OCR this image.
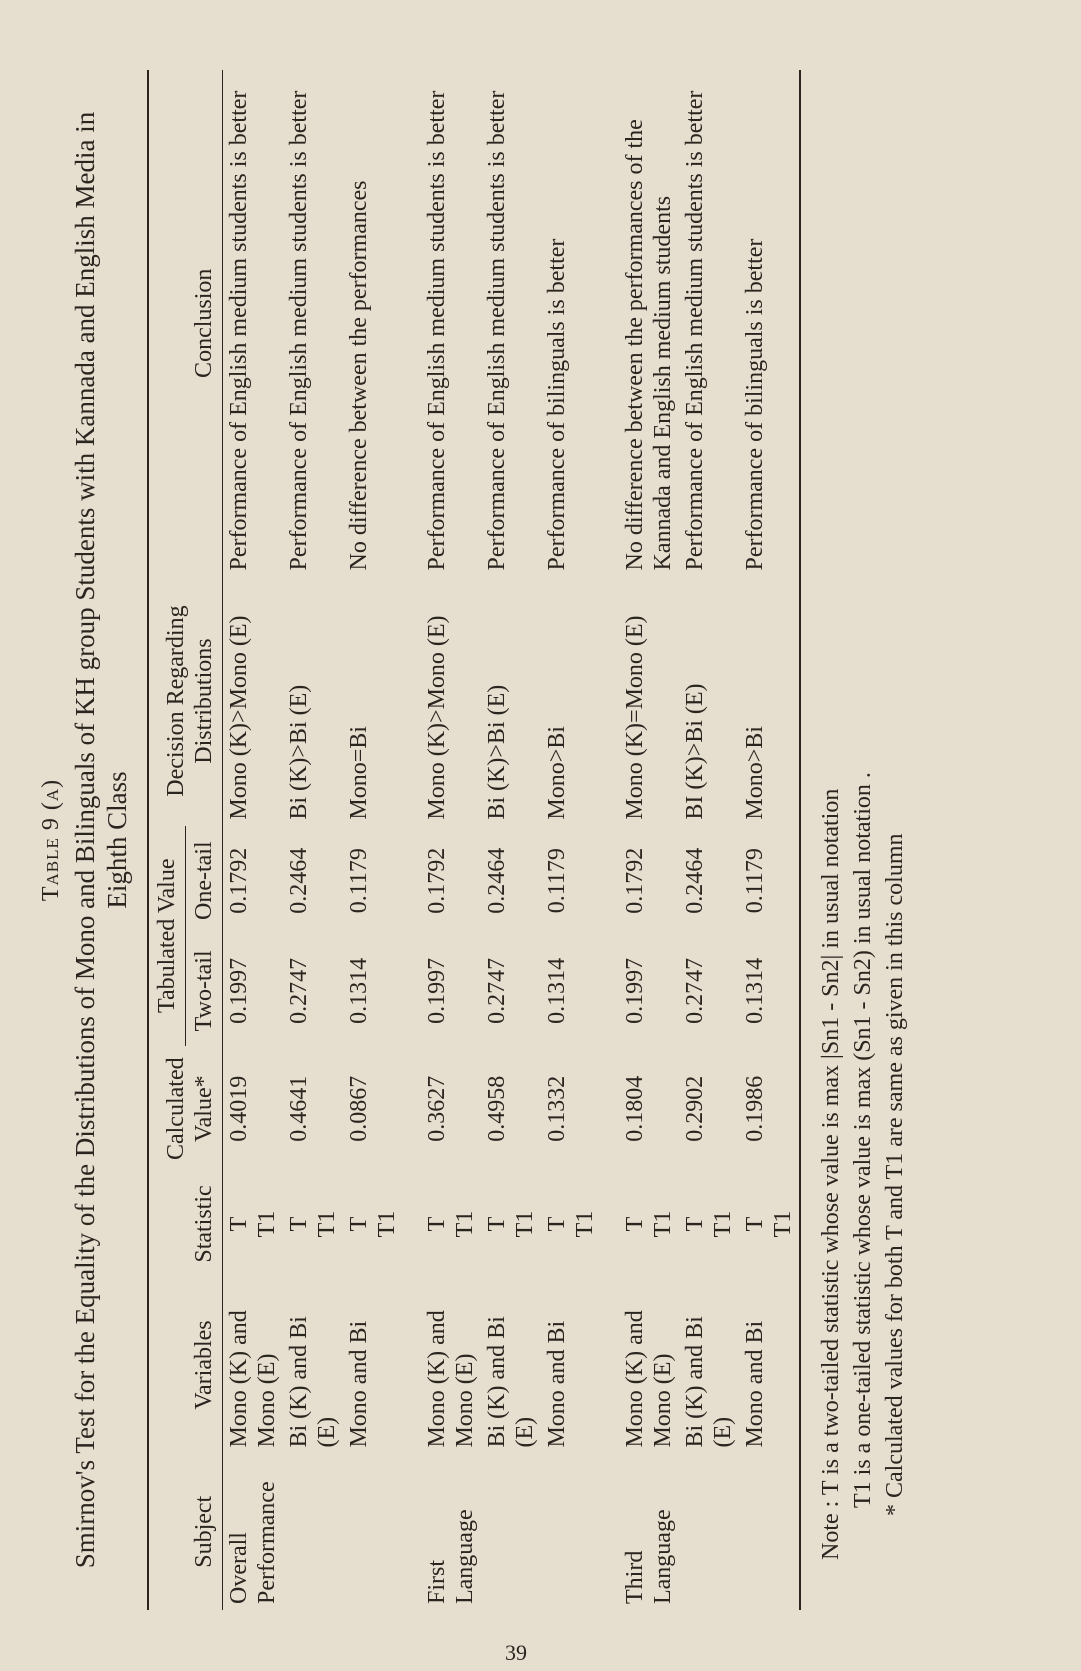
Table 9 (a) Smirnov's Test for the Equality of the Distributions of Mono and Bilinguals of KH group Students with Kannada and English Media in Eighth Class
Subject	Variables	Statistic	Calculated Value*	Tabulated Value		Decision Regarding Distributions	Conclusion
				Two-tail	One-tail		

Overall Performance	Mono (K) and Mono (E)	T T1	0.4019	0.1997	0.1792	Mono (K)>Mono (E)	Performance of English medium students is better
	Bi (K) and Bi (E)	T T1	0.4641	0.2747	0.2464	Bi (K)>Bi (E)	Performance of English medium students is better
	Mono and Bi	T T1	0.0867	0.1314	0.1179	Mono=Bi	No difference between the performances

First Language	Mono (K) and Mono (E)	T T1	0.3627	0.1997	0.1792	Mono (K)>Mono (E)	Performance of English medium students is better
	Bi (K) and Bi (E)	T T1	0.4958	0.2747	0.2464	Bi (K)>Bi (E)	Performance of English medium students is better
	Mono and Bi	T T1	0.1332	0.1314	0.1179	Mono>Bi	Performance of bilinguals is better

Third Language	Mono (K) and Mono (E)	T T1	0.1804	0.1997	0.1792	Mono (K)=Mono (E)	No difference between the performances of the Kannada and English medium students
	Bi (K) and Bi (E)	T T1	0.2902	0.2747	0.2464	BI (K)>Bi (E)	Performance of English medium students is better
	Mono and Bi	T T1	0.1986	0.1314	0.1179	Mono>Bi	Performance of bilinguals is better
Note : T is a two-tailed statistic whose value is max |Sn1 - Sn2| in usual notation T1 is a one-tailed statistic whose value is max (Sn1 - Sn2) in usual notation . * Calculated values for both T and T1 are same as given in this column
39
